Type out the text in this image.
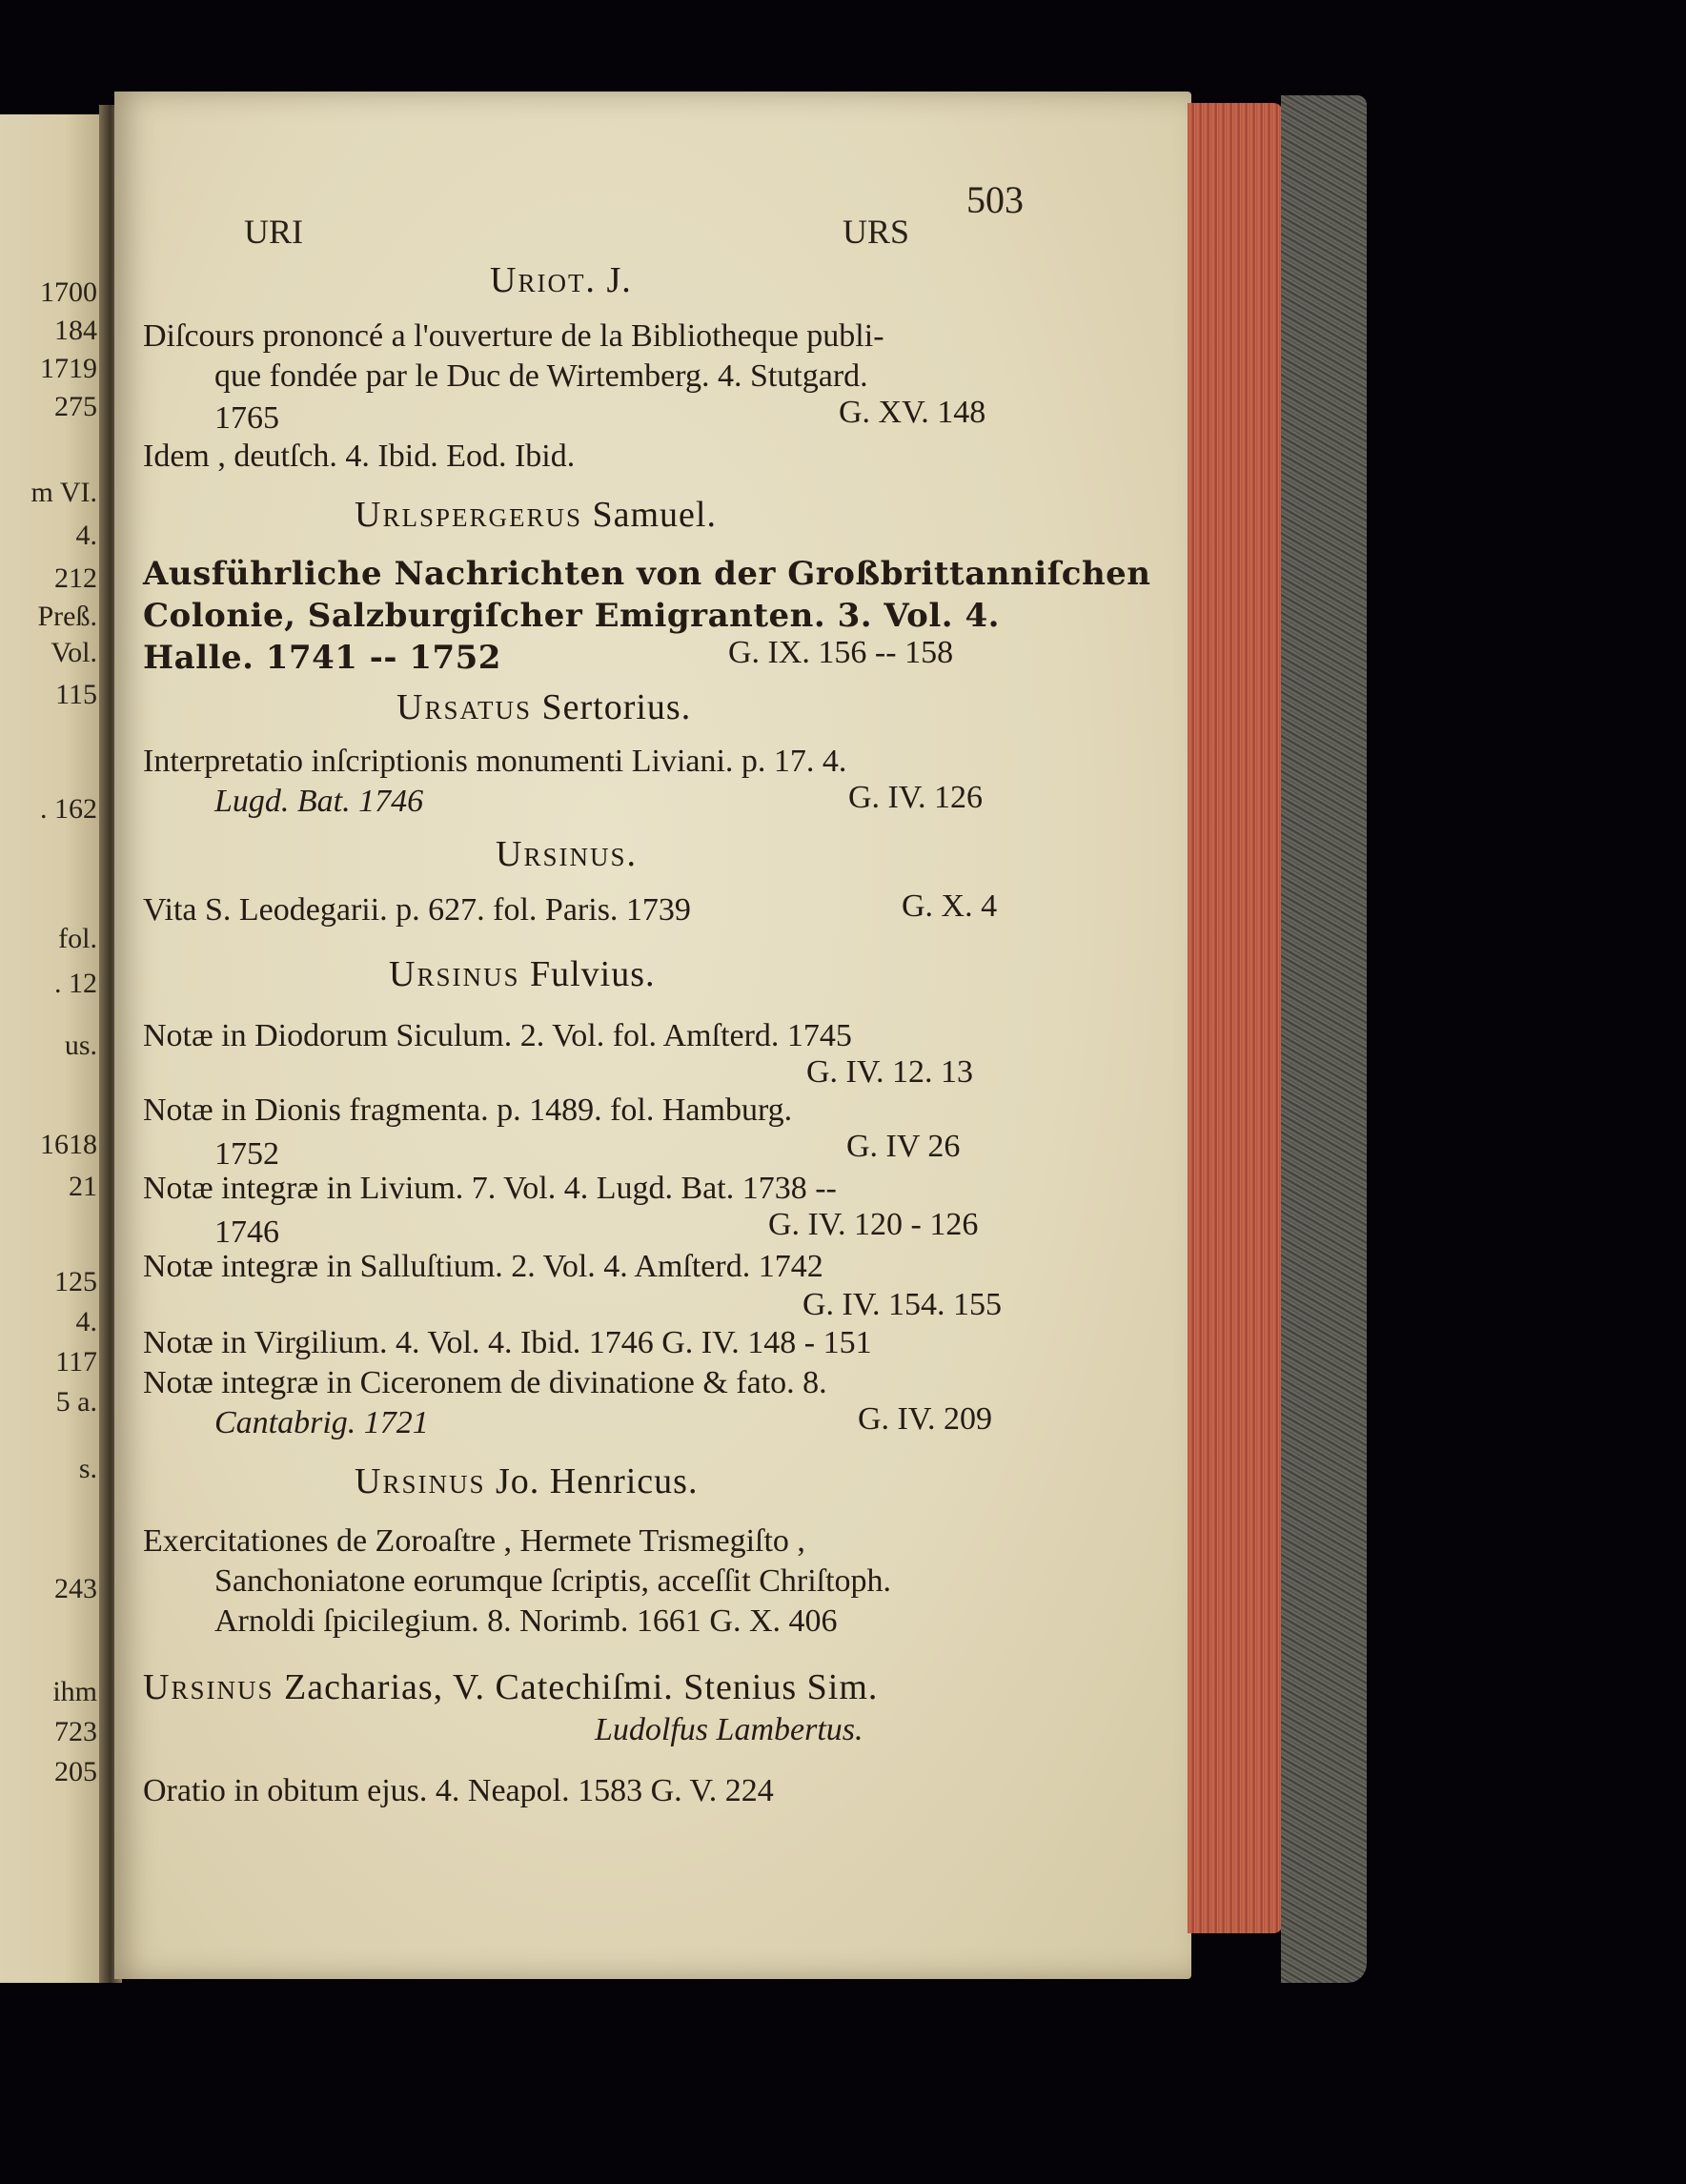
1700
184
1719
275
m VI.
4.
212
Preß.
Vol.
115
. 162
fol.
. 12
us.
1618
21
125
4.
117
5 a.
s.
243
ihm
723
205
URI	URS
503
Uriot. J.
Diſcours prononcé a l'ouverture de la Bibliotheque publi-
que fondée par le Duc de Wirtemberg. 4. Stutgard.
1765	G. XV. 148
Idem , deutſch. 4. Ibid. Eod. Ibid.
Urlspergerus Samuel.
Ausführliche Nachrichten von der Großbrittanniſchen
Colonie, Salzburgiſcher Emigranten. 3. Vol. 4.
Halle. 1741 -- 1752	G. IX. 156 -- 158
Ursatus Sertorius.
Interpretatio inſcriptionis monumenti Liviani. p. 17. 4.
Lugd. Bat. 1746	G. IV. 126
Ursinus.
Vita S. Leodegarii. p. 627. fol. Paris. 1739	G. X. 4
Ursinus Fulvius.
Notæ in Diodorum Siculum. 2. Vol. fol. Amſterd. 1745
G. IV. 12. 13
Notæ in Dionis fragmenta. p. 1489. fol. Hamburg.
1752	G. IV 26
Notæ integræ in Livium. 7. Vol. 4. Lugd. Bat. 1738 --
1746	G. IV. 120 - 126
Notæ integræ in Salluſtium. 2. Vol. 4. Amſterd. 1742
G. IV. 154. 155
Notæ in Virgilium. 4. Vol. 4. Ibid. 1746 G. IV. 148 - 151
Notæ integræ in Ciceronem de divinatione & fato. 8.
Cantabrig. 1721	G. IV. 209
Ursinus Jo. Henricus.
Exercitationes de Zoroaſtre , Hermete Trismegiſto ,
Sanchoniatone eorumque ſcriptis, acceſſit Chriſtoph.
Arnoldi ſpicilegium. 8. Norimb. 1661 G. X. 406
Ursinus Zacharias, V. Catechiſmi. Stenius Sim.
Ludolfus Lambertus.
Oratio in obitum ejus. 4. Neapol. 1583 G. V. 224
